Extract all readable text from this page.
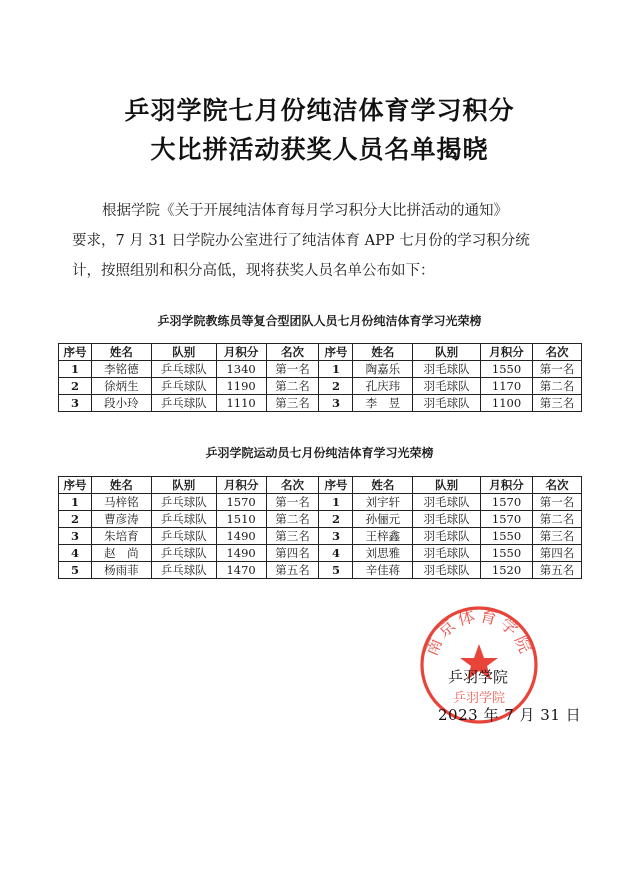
乒羽学院七月份纯洁体育学习积分
大比拼活动获奖人员名单揭晓
根据学院《关于开展纯洁体育每月学习积分大比拼活动的通知》
要求，7 月 31 日学院办公室进行了纯洁体育 APP 七月份的学习积分统
计，按照组别和积分高低，现将获奖人员名单公布如下：
乒羽学院教练员等复合型团队人员七月份纯洁体育学习光荣榜
序号	姓名	队别	月积分	名次	序号	姓名	队别	月积分	名次
1	李铭德	乒乓球队	1340	第一名	1	陶嘉乐	羽毛球队	1550	第一名
2	徐炳生	乒乓球队	1190	第二名	2	孔庆玮	羽毛球队	1170	第二名
3	段小玲	乒乓球队	1110	第三名	3	李　昱	羽毛球队	1100	第三名
乒羽学院运动员七月份纯洁体育学习光荣榜
序号	姓名	队别	月积分	名次	序号	姓名	队别	月积分	名次
1	马梓铭	乒乓球队	1570	第一名	1	刘宇轩	羽毛球队	1570	第一名
2	曹彦涛	乒乓球队	1510	第二名	2	孙俪元	羽毛球队	1570	第二名
3	朱培育	乒乓球队	1490	第三名	3	王梓鑫	羽毛球队	1550	第三名
4	赵　尚	乒乓球队	1490	第四名	4	刘思雅	羽毛球队	1550	第四名
5	杨雨菲	乒乓球队	1470	第五名	5	辛佳蒋	羽毛球队	1520	第五名
南京体育学院
乒羽学院
乒羽学院
2023 年 7 月 31 日
